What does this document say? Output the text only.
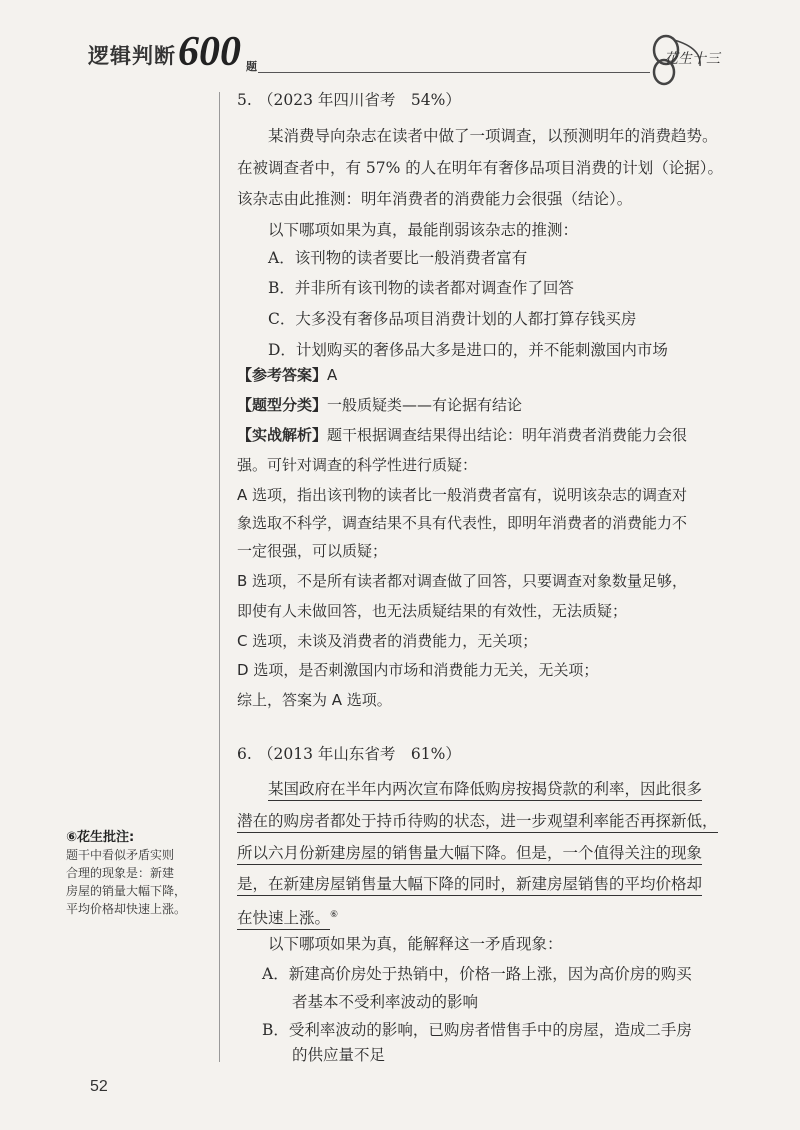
逻辑判断 600 题	花生十三
5. （2023 年四川省考　54%）
某消费导向杂志在读者中做了一项调查，以预测明年的消费趋势。
在被调查者中，有 57% 的人在明年有奢侈品项目消费的计划（论据）。
该杂志由此推测：明年消费者的消费能力会很强（结论）。
以下哪项如果为真，最能削弱该杂志的推测：
A．该刊物的读者要比一般消费者富有
B．并非所有该刊物的读者都对调查作了回答
C．大多没有奢侈品项目消费计划的人都打算存钱买房
D．计划购买的奢侈品大多是进口的，并不能刺激国内市场
【参考答案】A
【题型分类】一般质疑类——有论据有结论
【实战解析】题干根据调查结果得出结论：明年消费者消费能力会很
强。可针对调查的科学性进行质疑：
A 选项，指出该刊物的读者比一般消费者富有，说明该杂志的调查对
象选取不科学，调查结果不具有代表性，即明年消费者的消费能力不
一定很强，可以质疑；
B 选项，不是所有读者都对调查做了回答，只要调查对象数量足够，
即使有人未做回答，也无法质疑结果的有效性，无法质疑；
C 选项，未谈及消费者的消费能力，无关项；
D 选项，是否刺激国内市场和消费能力无关，无关项；
综上，答案为 A 选项。
6. （2013 年山东省考　61%）
某国政府在半年内两次宣布降低购房按揭贷款的利率，因此很多
潜在的购房者都处于持币待购的状态，进一步观望利率能否再探新低，
所以六月份新建房屋的销售量大幅下降。但是，一个值得关注的现象
是，在新建房屋销售量大幅下降的同时，新建房屋销售的平均价格却
在快速上涨。⑥
以下哪项如果为真，能解释这一矛盾现象：
A．新建高价房处于热销中，价格一路上涨，因为高价房的购买
者基本不受利率波动的影响
B．受利率波动的影响，已购房者惜售手中的房屋，造成二手房
的供应量不足
⑥花生批注:
题干中看似矛盾实则
合理的现象是：新建
房屋的销量大幅下降，
平均价格却快速上涨。
52
